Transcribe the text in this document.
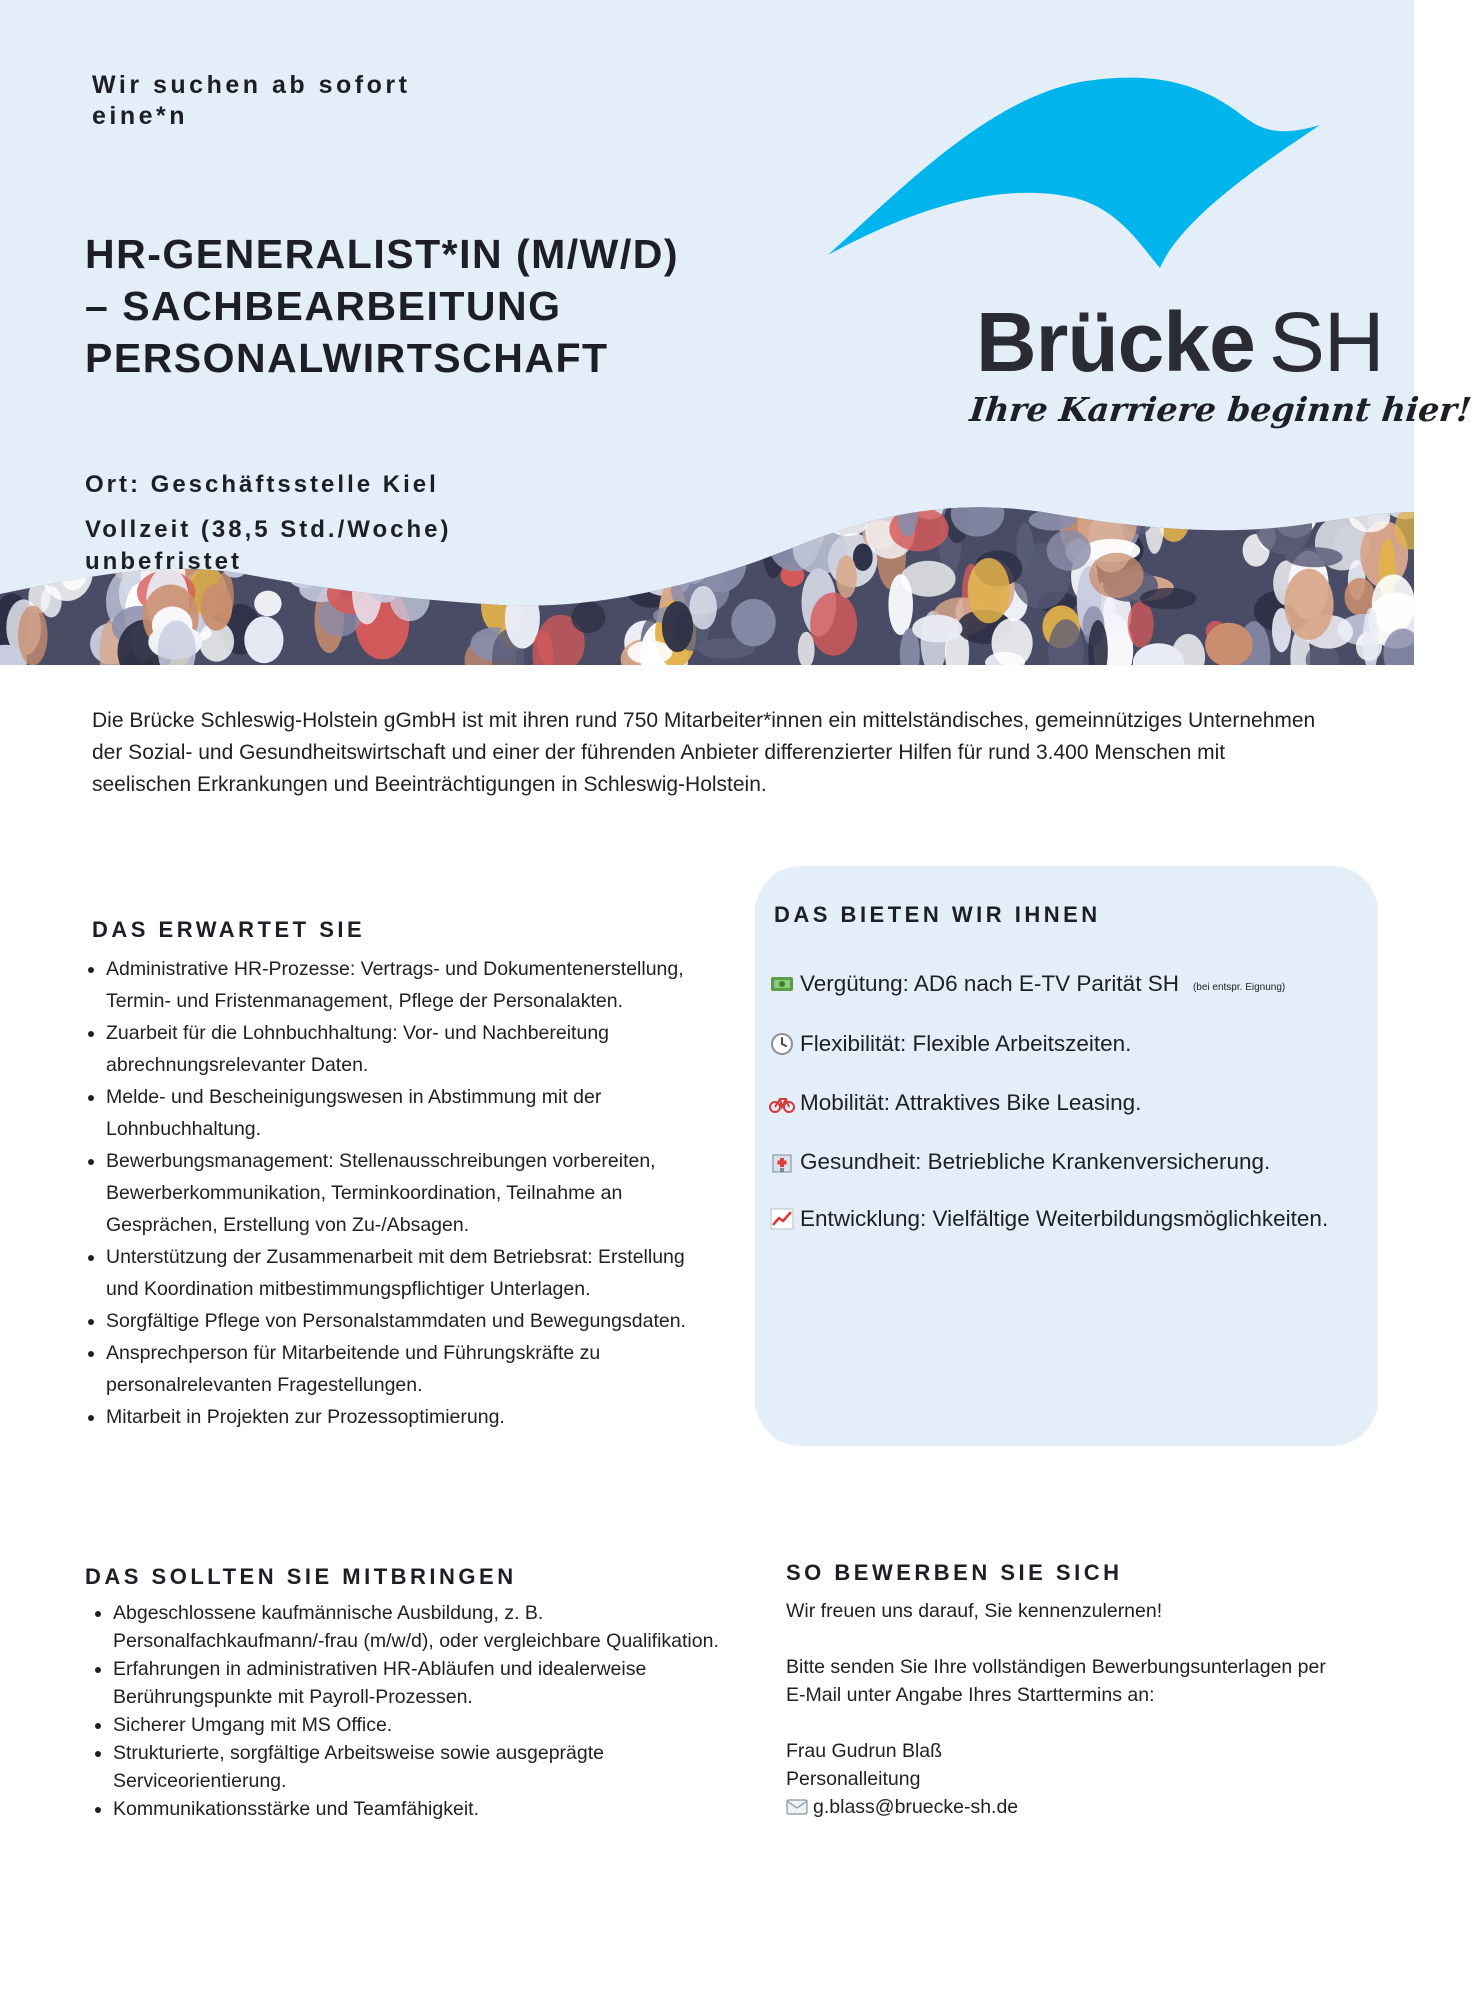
Wir suchen ab sofort eine*n
HR-GENERALIST*IN (M/W/D)
– SACHBEARBEITUNG
PERSONALWIRTSCHAFT
Ort: Geschäftsstelle Kiel
Vollzeit (38,5 Std./Woche)
unbefristet
Brücke SH
Ihre Karriere beginnt hier!

Die Brücke Schleswig-Holstein gGmbH ist mit ihren rund 750 Mitarbeiter*innen ein mittelständisches, gemeinnütziges Unternehmen der Sozial- und Gesundheitswirtschaft und einer der führenden Anbieter differenzierter Hilfen für rund 3.400 Menschen mit seelischen Erkrankungen und Beeinträchtigungen in Schleswig-Holstein.

DAS ERWARTET SIE
• Administrative HR-Prozesse: Vertrags- und Dokumentenerstellung, Termin- und Fristenmanagement, Pflege der Personalakten.
• Zuarbeit für die Lohnbuchhaltung: Vor- und Nachbereitung abrechnungsrelevanter Daten.
• Melde- und Bescheinigungswesen in Abstimmung mit der Lohnbuchhaltung.
• Bewerbungsmanagement: Stellenausschreibungen vorbereiten, Bewerberkommunikation, Terminkoordination, Teilnahme an Gesprächen, Erstellung von Zu-/Absagen.
• Unterstützung der Zusammenarbeit mit dem Betriebsrat: Erstellung und Koordination mitbestimmungspflichtiger Unterlagen.
• Sorgfältige Pflege von Personalstammdaten und Bewegungsdaten.
• Ansprechperson für Mitarbeitende und Führungskräfte zu personalrelevanten Fragestellungen.
• Mitarbeit in Projekten zur Prozessoptimierung.
DAS BIETEN WIR IHNEN
Vergütung: AD6 nach E-TV Parität SH (bei entspr. Eignung)
Flexibilität: Flexible Arbeitszeiten.
Mobilität: Attraktives Bike Leasing.
Gesundheit: Betriebliche Krankenversicherung.
Entwicklung: Vielfältige Weiterbildungsmöglichkeiten.
DAS SOLLTEN SIE MITBRINGEN
• Abgeschlossene kaufmännische Ausbildung, z. B. Personalfachkaufmann/-frau (m/w/d), oder vergleichbare Qualifikation.
• Erfahrungen in administrativen HR-Abläufen und idealerweise Berührungspunkte mit Payroll-Prozessen.
• Sicherer Umgang mit MS Office.
• Strukturierte, sorgfältige Arbeitsweise sowie ausgeprägte Serviceorientierung.
• Kommunikationsstärke und Teamfähigkeit.
SO BEWERBEN SIE SICH

Wir freuen uns darauf, Sie kennenzulernen!

Bitte senden Sie Ihre vollständigen Bewerbungsunterlagen per E-Mail unter Angabe Ihres Starttermins an:

Frau Gudrun Blaß

Personalleitung

g.blass@bruecke-sh.de
